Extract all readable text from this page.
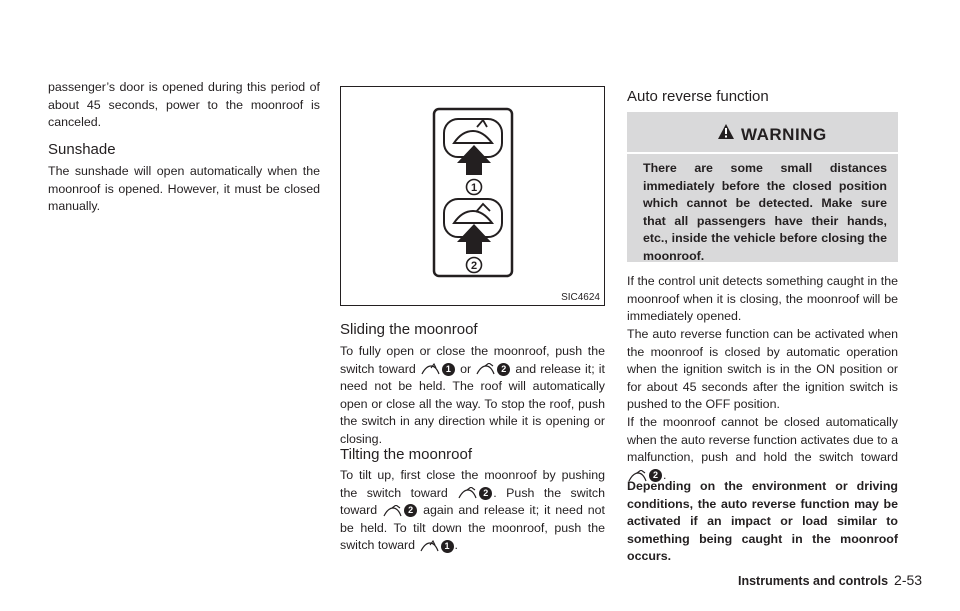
passenger’s door is opened during this period of about 45 seconds, power to the moonroof is canceled.

Sunshade

The sunshade will open automatically when the moonroof is opened. However, it must be closed manually.

1
2
SIC4624
Sliding the moonroof

To fully open or close the moonroof, push the switch toward	1 or	2 and release it; it need not be held. The roof will automatically open or close all the way. To stop the roof, push the switch in any direction while it is opening or closing.

Tilting the moonroof

To tilt up, first close the moonroof by pushing the switch toward	2 . Push the switch toward	2 again and release it; it need not be held. To tilt down the moonroof, push the switch toward	1 .

Auto reverse function
WARNING

There are some small distances immediately before the closed position which cannot be detected. Make sure that all passengers have their hands, etc., inside the vehicle before closing the moonroof.

If the control unit detects something caught in the moonroof when it is closing, the moonroof will be immediately opened.

The auto reverse function can be activated when the moonroof is closed by automatic operation when the ignition switch is in the ON position or for about 45 seconds after the ignition switch is pushed to the OFF position.

If the moonroof cannot be closed automatically when the auto reverse function activates due to a malfunction, push and hold the switch toward 2 .

Depending on the environment or driving conditions, the auto reverse function may be activated if an impact or load similar to something being caught in the moonroof occurs.

Instruments and controls 2-53
